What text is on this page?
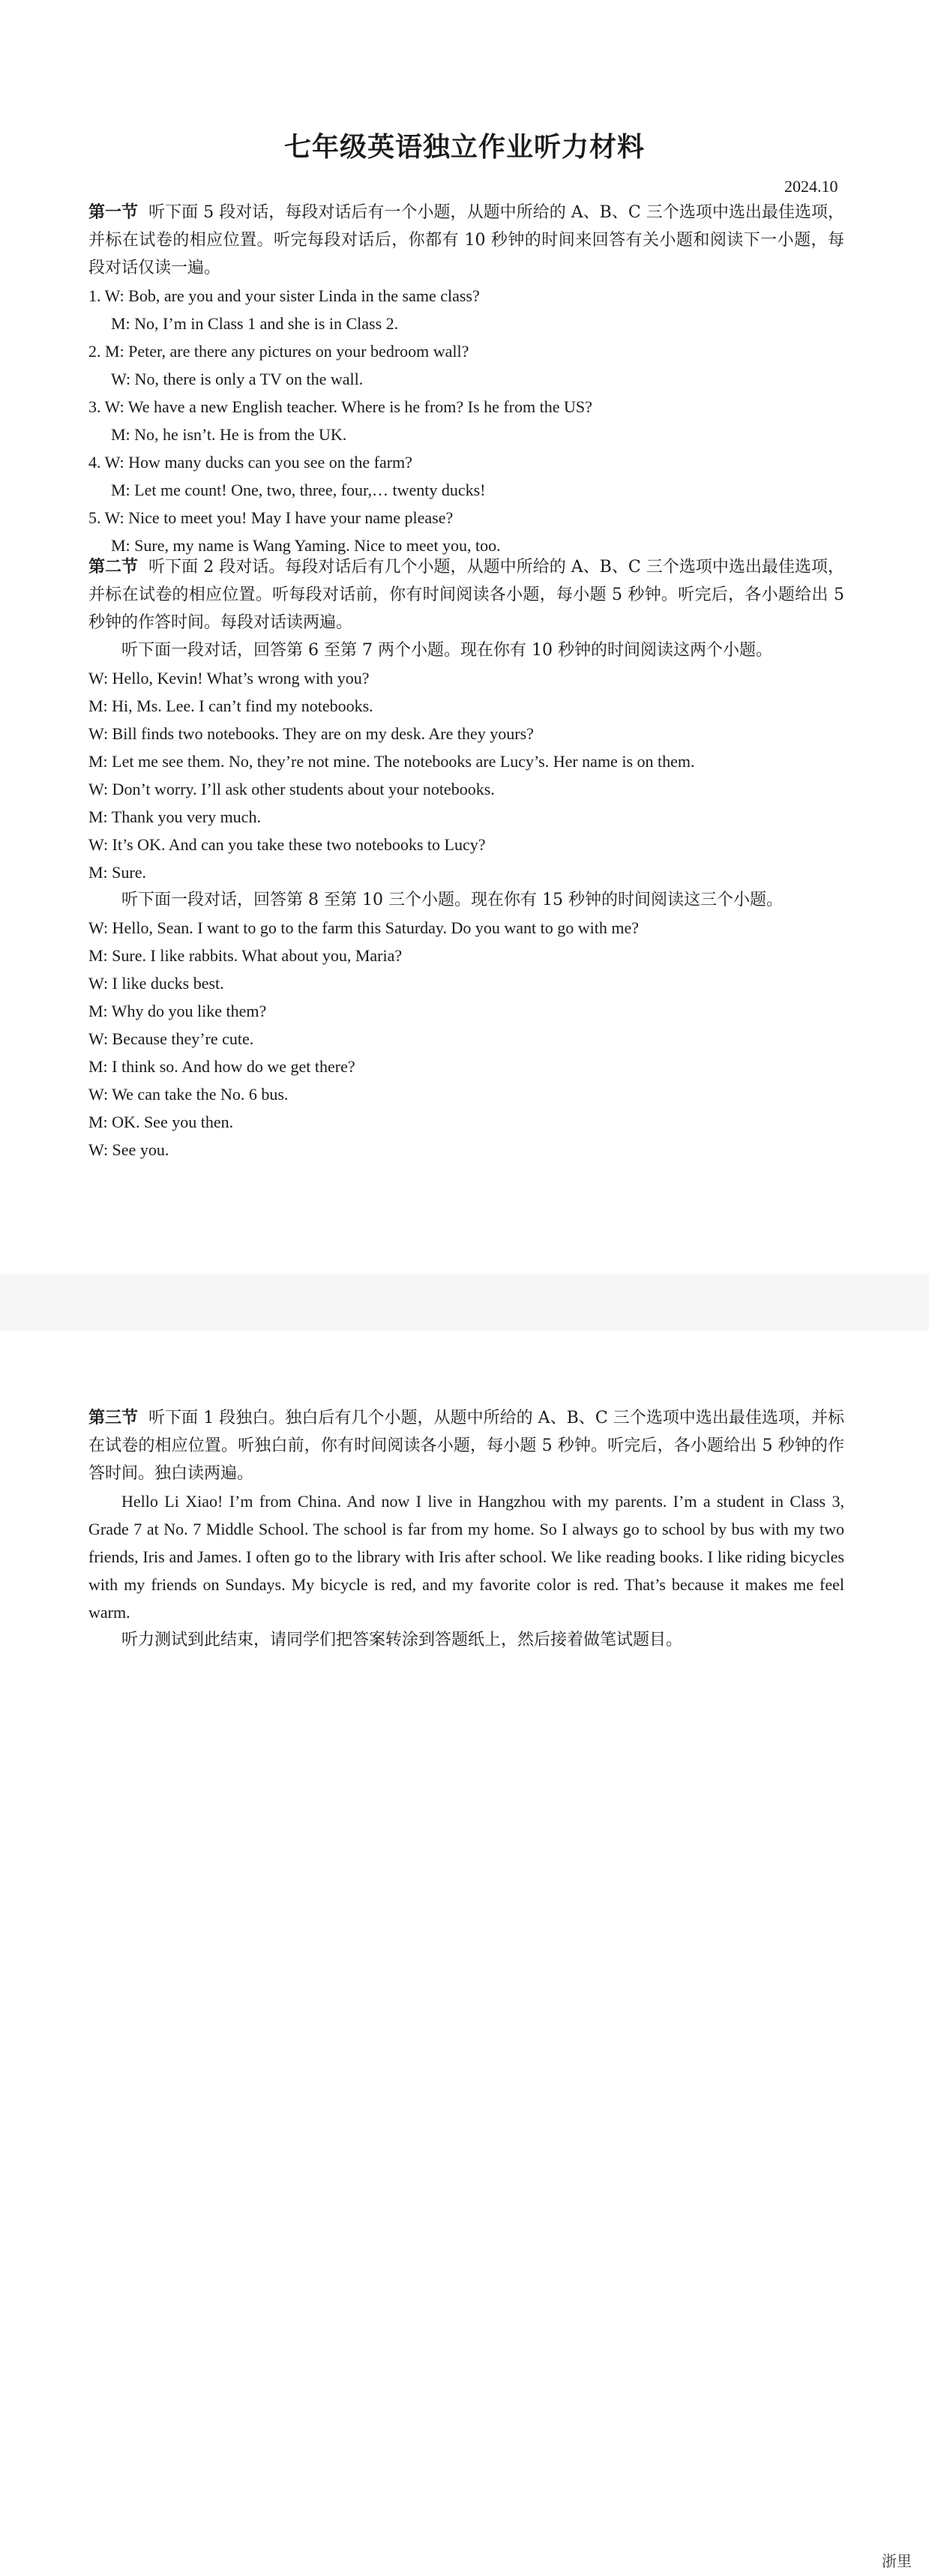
七年级英语独立作业听力材料
2024.10

第一节 听下面 5 段对话，每段对话后有一个小题，从题中所给的 A、B、C 三个选项中选出最佳选项，并标在试卷的相应位置。听完每段对话后，你都有 10 秒钟的时间来回答有关小题和阅读下一小题，每段对话仅读一遍。

1. W: Bob, are you and your sister Linda in the same class?

M: No, I’m in Class 1 and she is in Class 2.

2. M: Peter, are there any pictures on your bedroom wall?

W: No, there is only a TV on the wall.

3. W: We have a new English teacher. Where is he from? Is he from the US?

M: No, he isn’t. He is from the UK.

4. W: How many ducks can you see on the farm?

M: Let me count! One, two, three, four,… twenty ducks!

5. W: Nice to meet you! May I have your name please?

M: Sure, my name is Wang Yaming. Nice to meet you, too.

第二节 听下面 2 段对话。每段对话后有几个小题，从题中所给的 A、B、C 三个选项中选出最佳选项，并标在试卷的相应位置。听每段对话前，你有时间阅读各小题，每小题 5 秒钟。听完后，各小题给出 5 秒钟的作答时间。每段对话读两遍。

听下面一段对话，回答第 6 至第 7 两个小题。现在你有 10 秒钟的时间阅读这两个小题。

W: Hello, Kevin! What’s wrong with you?

M: Hi, Ms. Lee. I can’t find my notebooks.

W: Bill finds two notebooks. They are on my desk. Are they yours?

M: Let me see them. No, they’re not mine. The notebooks are Lucy’s. Her name is on them.

W: Don’t worry. I’ll ask other students about your notebooks.

M: Thank you very much.

W: It’s OK. And can you take these two notebooks to Lucy?

M: Sure.

听下面一段对话，回答第 8 至第 10 三个小题。现在你有 15 秒钟的时间阅读这三个小题。

W: Hello, Sean. I want to go to the farm this Saturday. Do you want to go with me?

M: Sure. I like rabbits. What about you, Maria?

W: I like ducks best.

M: Why do you like them?

W: Because they’re cute.

M: I think so. And how do we get there?

W: We can take the No. 6 bus.

M: OK. See you then.

W: See you.

第三节 听下面 1 段独白。独白后有几个小题，从题中所给的 A、B、C 三个选项中选出最佳选项，并标在试卷的相应位置。听独白前，你有时间阅读各小题，每小题 5 秒钟。听完后，各小题给出 5 秒钟的作答时间。独白读两遍。

Hello Li Xiao! I’m from China. And now I live in Hangzhou with my parents. I’m a student in Class 3, Grade 7 at No. 7 Middle School. The school is far from my home. So I always go to school by bus with my two friends, Iris and James. I often go to the library with Iris after school. We like reading books. I like riding bicycles with my friends on Sundays. My bicycle is red, and my favorite color is red. That’s because it makes me feel warm.

听力测试到此结束，请同学们把答案转涂到答题纸上，然后接着做笔试题目。

浙里
